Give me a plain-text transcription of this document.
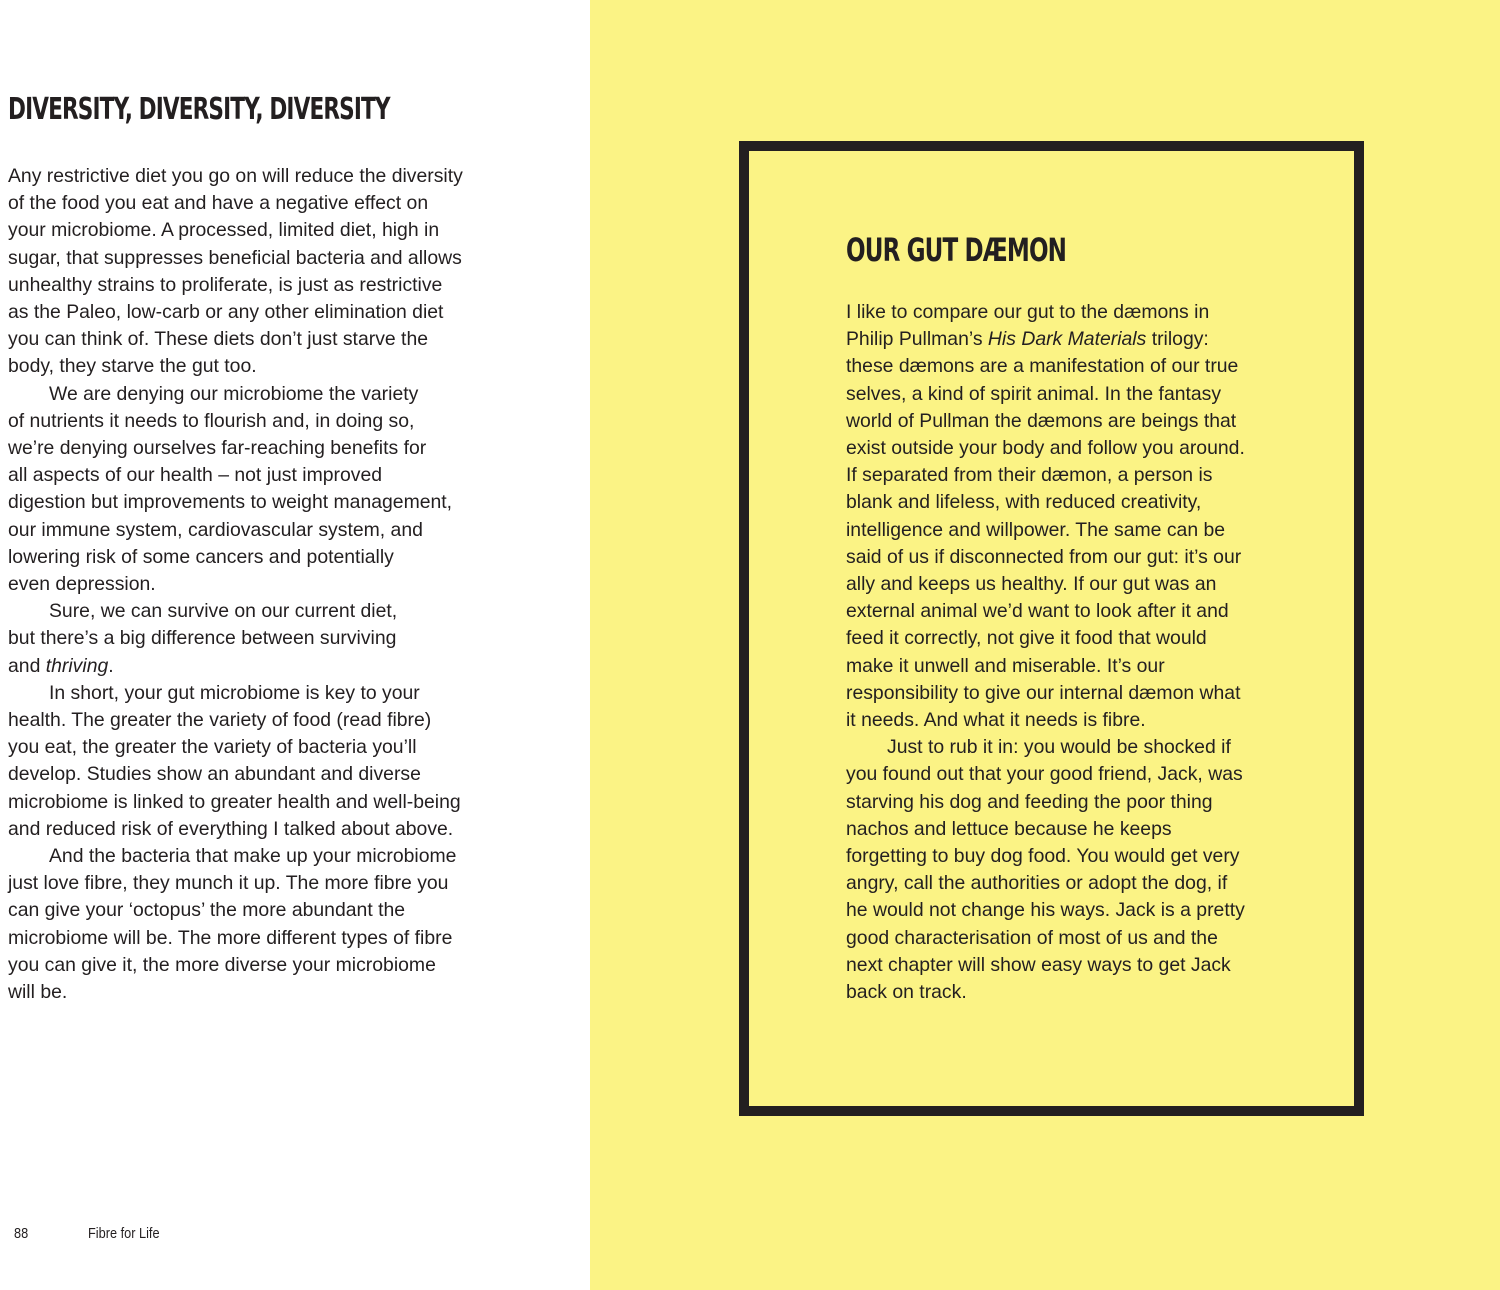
DIVERSITY, DIVERSITY, DIVERSITY

Any restrictive diet you go on will reduce the diversity
of the food you eat and have a negative effect on
your microbiome. A processed, limited diet, high in
sugar, that suppresses beneficial bacteria and allows
unhealthy strains to proliferate, is just as restrictive
as the Paleo, low-carb or any other elimination diet
you can think of. These diets don’t just starve the
body, they starve the gut too.

We are denying our microbiome the variety
of nutrients it needs to flourish and, in doing so,
we’re denying ourselves far-reaching benefits for
all aspects of our health – not just improved
digestion but improvements to weight management,
our immune system, cardiovascular system, and
lowering risk of some cancers and potentially
even depression.

Sure, we can survive on our current diet,
but there’s a big difference between surviving
and thriving.

In short, your gut microbiome is key to your
health. The greater the variety of food (read fibre)
you eat, the greater the variety of bacteria you’ll
develop. Studies show an abundant and diverse
microbiome is linked to greater health and well-being
and reduced risk of everything I talked about above.

And the bacteria that make up your microbiome
just love fibre, they munch it up. The more fibre you
can give your ‘octopus’ the more abundant the
microbiome will be. The more different types of fibre
you can give it, the more diverse your microbiome
will be.

88	Fibre for Life
OUR GUT DÆMON

I like to compare our gut to the dæmons in
Philip Pullman’s His Dark Materials trilogy:
these dæmons are a manifestation of our true
selves, a kind of spirit animal. In the fantasy
world of Pullman the dæmons are beings that
exist outside your body and follow you around.
If separated from their dæmon, a person is
blank and lifeless, with reduced creativity,
intelligence and willpower. The same can be
said of us if disconnected from our gut: it’s our
ally and keeps us healthy. If our gut was an
external animal we’d want to look after it and
feed it correctly, not give it food that would
make it unwell and miserable. It’s our
responsibility to give our internal dæmon what
it needs. And what it needs is fibre.

Just to rub it in: you would be shocked if
you found out that your good friend, Jack, was
starving his dog and feeding the poor thing
nachos and lettuce because he keeps
forgetting to buy dog food. You would get very
angry, call the authorities or adopt the dog, if
he would not change his ways. Jack is a pretty
good characterisation of most of us and the
next chapter will show easy ways to get Jack
back on track.
